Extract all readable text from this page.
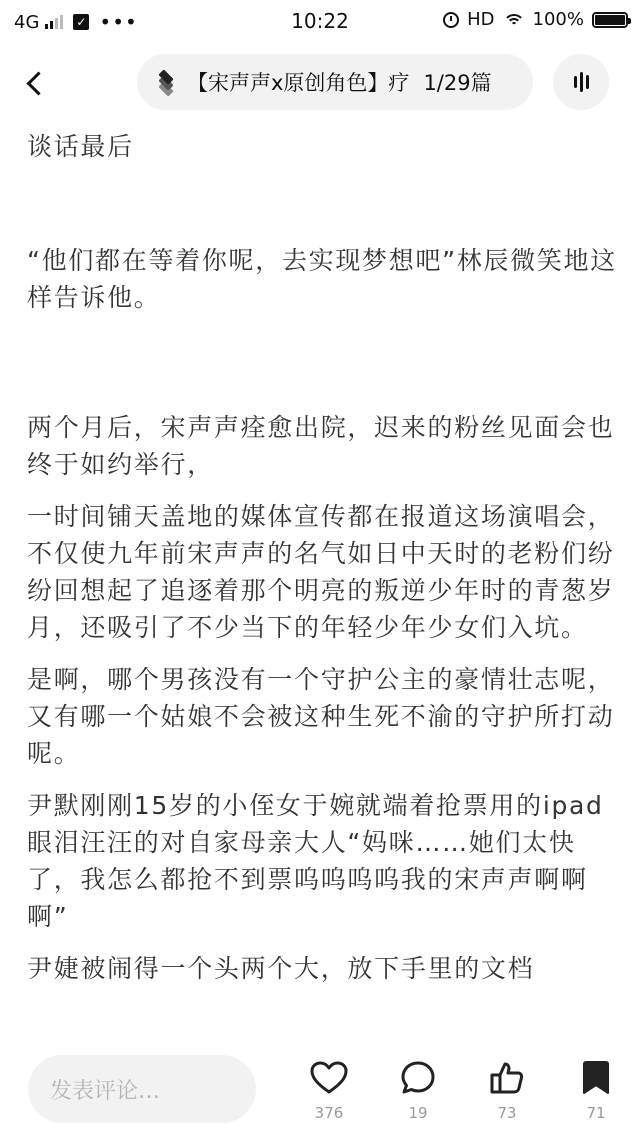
4G	✓ •••	10:22	HD 100%
【宋声声x原创角色】疗 1/29篇

谈话最后

“他们都在等着你呢，去实现梦想吧”林辰微笑地这样告诉他。

两个月后，宋声声痊愈出院，迟来的粉丝见面会也终于如约举行，

一时间铺天盖地的媒体宣传都在报道这场演唱会，不仅使九年前宋声声的名气如日中天时的老粉们纷纷回想起了追逐着那个明亮的叛逆少年时的青葱岁月，还吸引了不少当下的年轻少年少女们入坑。

是啊，哪个男孩没有一个守护公主的豪情壮志呢，又有哪一个姑娘不会被这种生死不渝的守护所打动呢。

尹默刚刚15岁的小侄女于婉就端着抢票用的ipad眼泪汪汪的对自家母亲大人“妈咪……她们太快了，我怎么都抢不到票呜呜呜呜我的宋声声啊啊啊”

尹婕被闹得一个头两个大，放下手里的文档

发表评论…
376	19	73	71
